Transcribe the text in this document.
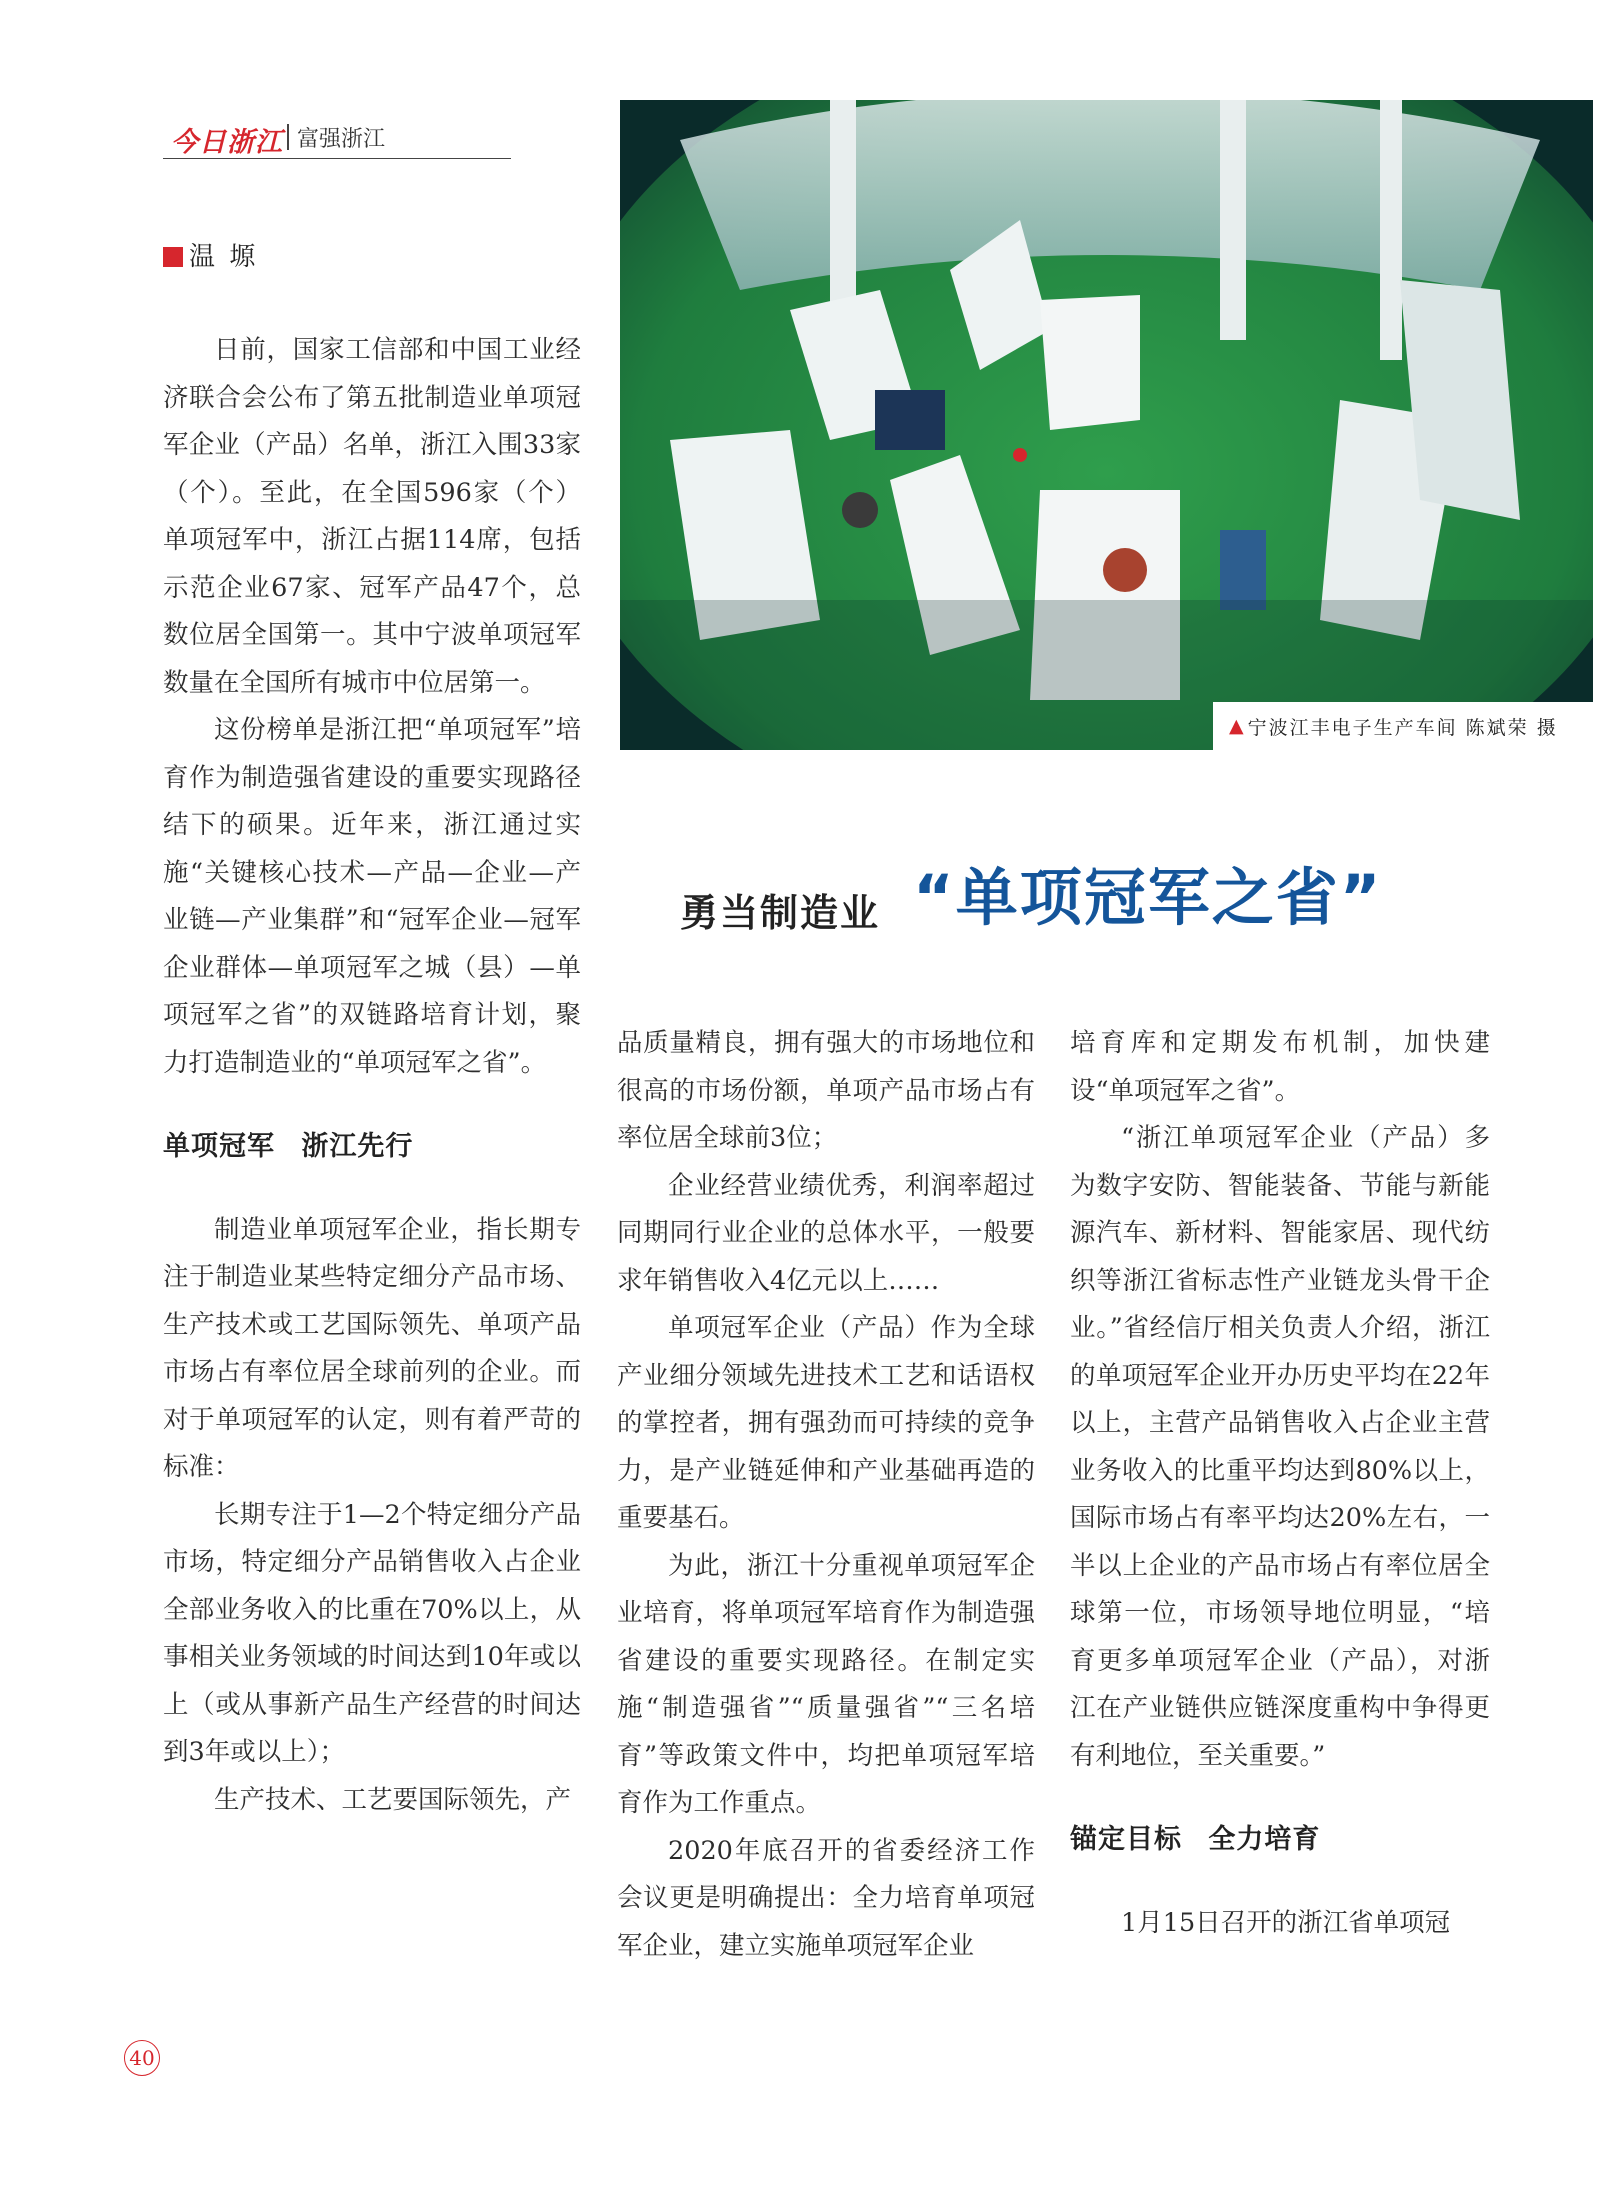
今日浙江 富强浙江
▲ 宁波江丰电子生产车间 陈斌荣 摄
勇当制造业 “单项冠军之省”
温 塬

日前，国家工信部和中国工业经济联合会公布了第五批制造业单项冠军企业（产品）名单，浙江入围33家（个）。至此，在全国596家（个）单项冠军中，浙江占据114席，包括示范企业67家、冠军产品47个，总数位居全国第一。其中宁波单项冠军数量在全国所有城市中位居第一。

这份榜单是浙江把“单项冠军”培育作为制造强省建设的重要实现路径结下的硕果。近年来，浙江通过实施“关键核心技术—产品—企业—产业链—产业集群”和“冠军企业—冠军企业群体—单项冠军之城（县）—单项冠军之省”的双链路培育计划，聚力打造制造业的“单项冠军之省”。

单项冠军 浙江先行

制造业单项冠军企业，指长期专注于制造业某些特定细分产品市场、生产技术或工艺国际领先、单项产品市场占有率位居全球前列的企业。而对于单项冠军的认定，则有着严苛的标准：

长期专注于1—2个特定细分产品市场，特定细分产品销售收入占企业全部业务收入的比重在70%以上，从事相关业务领域的时间达到10年或以上（或从事新产品生产经营的时间达到3年或以上）；

生产技术、工艺要国际领先，产

品质量精良，拥有强大的市场地位和很高的市场份额，单项产品市场占有率位居全球前3位；

企业经营业绩优秀，利润率超过同期同行业企业的总体水平，一般要求年销售收入4亿元以上……

单项冠军企业（产品）作为全球产业细分领域先进技术工艺和话语权的掌控者，拥有强劲而可持续的竞争力，是产业链延伸和产业基础再造的重要基石。

为此，浙江十分重视单项冠军企业培育，将单项冠军培育作为制造强省建设的重要实现路径。在制定实施“制造强省”“质量强省”“三名培育”等政策文件中，均把单项冠军培育作为工作重点。

2020年底召开的省委经济工作会议更是明确提出：全力培育单项冠军企业，建立实施单项冠军企业

培育库和定期发布机制，加快建设“单项冠军之省”。

“浙江单项冠军企业（产品）多为数字安防、智能装备、节能与新能源汽车、新材料、智能家居、现代纺织等浙江省标志性产业链龙头骨干企业。”省经信厅相关负责人介绍，浙江的单项冠军企业开办历史平均在22年以上，主营产品销售收入占企业主营业务收入的比重平均达到80%以上，国际市场占有率平均达20%左右，一半以上企业的产品市场占有率位居全球第一位，市场领导地位明显，“培育更多单项冠军企业（产品），对浙江在产业链供应链深度重构中争得更有利地位，至关重要。”

锚定目标 全力培育

1月15日召开的浙江省单项冠

40
